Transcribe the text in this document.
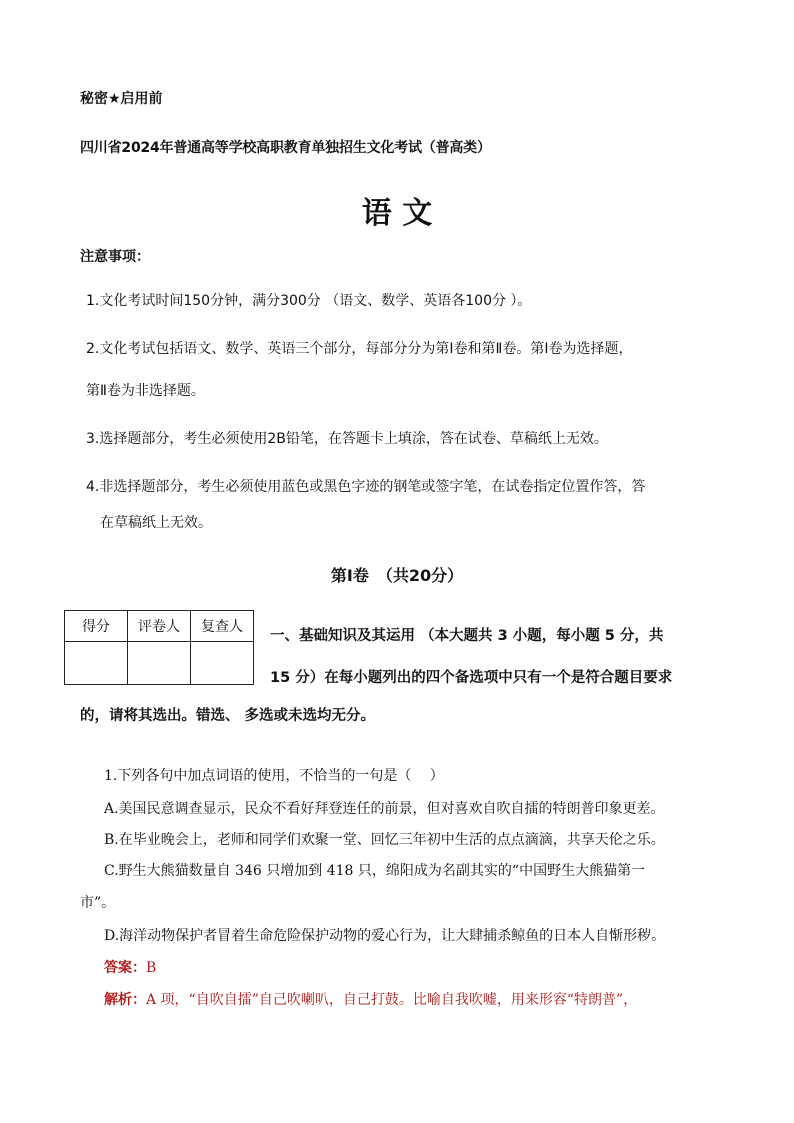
秘密★启用前
四川省2024年普通高等学校高职教育单独招生文化考试（普高类）
语 文
注意事项：
1.文化考试时间150分钟，满分300分 （语文、数学、英语各100分 ）。
2.文化考试包括语文、数学、英语三个部分，每部分分为第Ⅰ卷和第Ⅱ卷。第Ⅰ卷为选择题，
第Ⅱ卷为非选择题。
3.选择题部分，考生必须使用2B铅笔，在答题卡上填涂，答在试卷、草稿纸上无效。
4.非选择题部分，考生必须使用蓝色或黑色字迹的钢笔或签字笔，在试卷指定位置作答，答
在草稿纸上无效。
第Ⅰ卷　（共20分）
得分	评卷人	复查人

一、基础知识及其运用 （本大题共 3 小题，每小题 5 分，共
15 分）在每小题列出的四个备选项中只有一个是符合题目要求
的，请将其选出。错选、 多选或未选均无分。
1.下列各句中加点词语的使用，不恰当的一句是（　 ）
A.美国民意调查显示，民众不看好拜登连任的前景，但对喜欢自吹自擂的特朗普印象更差。
B.在毕业晚会上，老师和同学们欢聚一堂、回忆三年初中生活的点点滴滴，共享天伦之乐。
C.野生大熊猫数量自 346 只增加到 418 只，绵阳成为名副其实的“中国野生大熊猫第一
市”。
D.海洋动物保护者冒着生命危险保护动物的爱心行为，让大肆捕杀鲸鱼的日本人自惭形秽。
答案：B
解析：A 项，“自吹自擂”自己吹喇叭，自己打鼓。比喻自我吹嘘，用来形容“特朗普”，
